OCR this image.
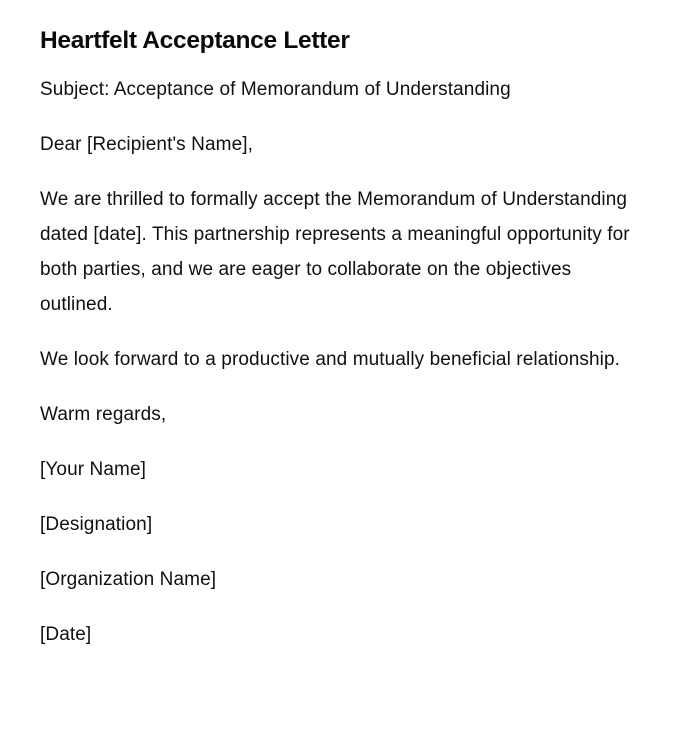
Heartfelt Acceptance Letter

Subject: Acceptance of Memorandum of Understanding

Dear [Recipient's Name],

We are thrilled to formally accept the Memorandum of Understanding dated [date]. This partnership represents a meaningful opportunity for both parties, and we are eager to collaborate on the objectives outlined.

We look forward to a productive and mutually beneficial relationship.

Warm regards,

[Your Name]

[Designation]

[Organization Name]

[Date]
